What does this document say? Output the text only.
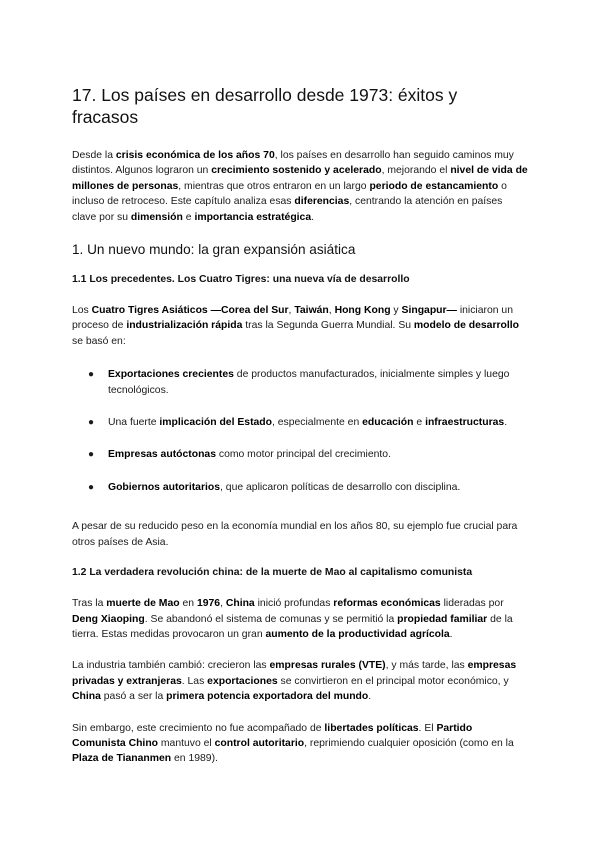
17. Los países en desarrollo desde 1973: éxitos y fracasos

Desde la crisis económica de los años 70, los países en desarrollo han seguido caminos muy distintos. Algunos lograron un crecimiento sostenido y acelerado, mejorando el nivel de vida de millones de personas, mientras que otros entraron en un largo periodo de estancamiento o incluso de retroceso. Este capítulo analiza esas diferencias, centrando la atención en países clave por su dimensión e importancia estratégica.

1. Un nuevo mundo: la gran expansión asiática
1.1 Los precedentes. Los Cuatro Tigres: una nueva vía de desarrollo

Los Cuatro Tigres Asiáticos —Corea del Sur, Taiwán, Hong Kong y Singapur— iniciaron un proceso de industrialización rápida tras la Segunda Guerra Mundial. Su modelo de desarrollo se basó en:

● Exportaciones crecientes de productos manufacturados, inicialmente simples y luego tecnológicos.
● Una fuerte implicación del Estado, especialmente en educación e infraestructuras.
● Empresas autóctonas como motor principal del crecimiento.
● Gobiernos autoritarios, que aplicaron políticas de desarrollo con disciplina.

A pesar de su reducido peso en la economía mundial en los años 80, su ejemplo fue crucial para otros países de Asia.

1.2 La verdadera revolución china: de la muerte de Mao al capitalismo comunista

Tras la muerte de Mao en 1976, China inició profundas reformas económicas lideradas por Deng Xiaoping. Se abandonó el sistema de comunas y se permitió la propiedad familiar de la tierra. Estas medidas provocaron un gran aumento de la productividad agrícola.

La industria también cambió: crecieron las empresas rurales (VTE), y más tarde, las empresas privadas y extranjeras. Las exportaciones se convirtieron en el principal motor económico, y China pasó a ser la primera potencia exportadora del mundo.

Sin embargo, este crecimiento no fue acompañado de libertades políticas. El Partido Comunista Chino mantuvo el control autoritario, reprimiendo cualquier oposición (como en la Plaza de Tiananmen en 1989).
